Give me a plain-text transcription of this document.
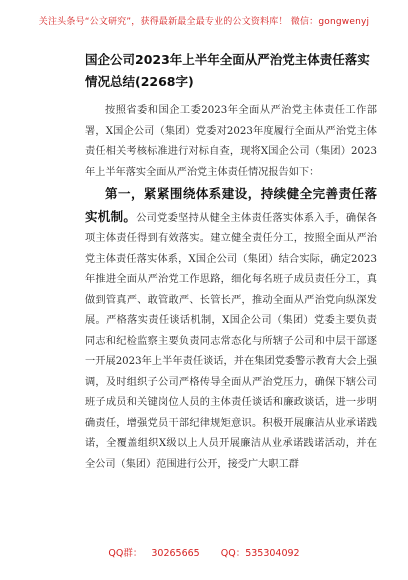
关注头条号“公文研究”，获得最新最全最专业的公文资料库！ 微信：gongwenyj
国企公司2023年上半年全面从严治党主体责任落实情况总结(2268字)
按照省委和国企工委2023年全面从严治党主体责任工作部署，X国企公司（集团）党委对2023年度履行全面从严治党主体责任相关考核标准进行对标自查，现将X国企公司（集团）2023年上半年落实全面从严治党主体责任情况报告如下：
第一，紧紧围绕体系建设，持续健全完善责任落实机制。公司党委坚持从健全主体责任落实体系入手，确保各项主体责任得到有效落实。建立健全责任分工，按照全面从严治党主体责任落实体系，X国企公司（集团）结合实际，确定2023年推进全面从严治党工作思路，细化每名班子成员责任分工，真做到管真严、敢管敢严、长管长严，推动全面从严治党向纵深发展。严格落实责任谈话机制，X国企公司（集团）党委主要负责同志和纪检监察主要负责同志常态化与所辖子公司和中层干部逐一开展2023年上半年责任谈话，并在集团党委警示教育大会上强调，及时组织子公司严格传导全面从严治党压力，确保下辖公司班子成员和关键岗位人员的主体责任谈话和廉政谈话，进一步明确责任，增强党员干部纪律规矩意识。积极开展廉洁从业承诺践诺，全覆盖组织X级以上人员开展廉洁从业承诺践诺活动，并在全公司（集团）范围进行公开，接受广大职工群
QQ群： 30265665 QQ：535304092
